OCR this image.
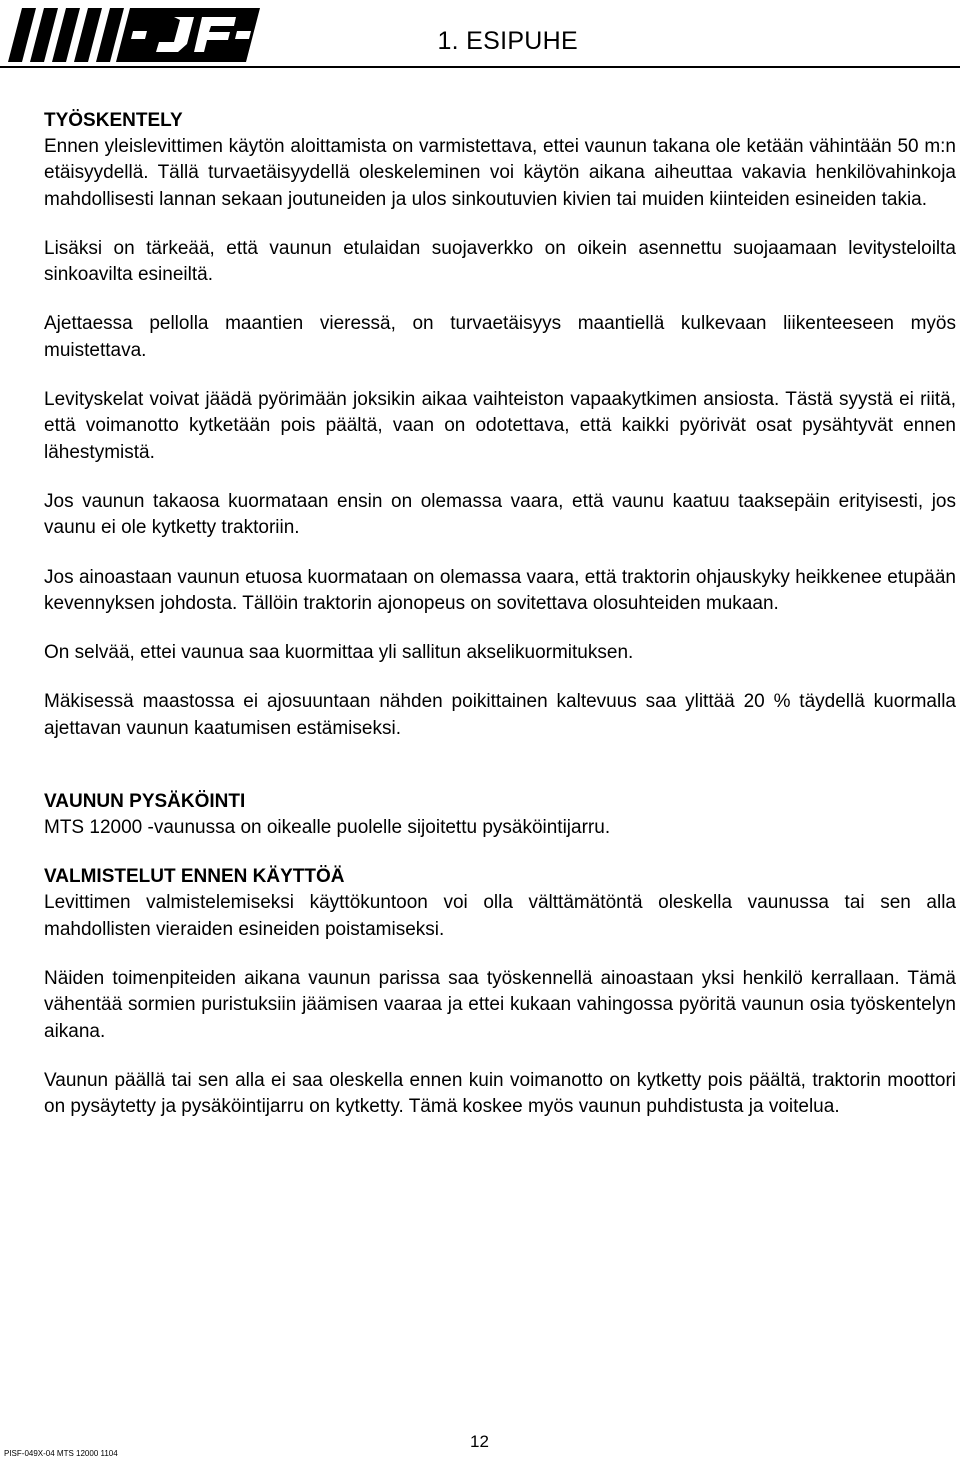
1. ESIPUHE
TYÖSKENTELY

Ennen yleislevittimen käytön aloittamista on varmistettava, ettei vaunun takana ole ketään vähintään 50 m:n etäisyydellä. Tällä turvaetäisyydellä oleskeleminen voi käytön aikana aiheuttaa vakavia henkilövahinkoja mahdollisesti lannan sekaan joutuneiden ja ulos sinkoutuvien kivien tai muiden kiinteiden esineiden takia.

Lisäksi on tärkeää, että vaunun etulaidan suojaverkko on oikein asennettu suojaamaan levitysteloilta sinkoavilta esineiltä.

Ajettaessa pellolla maantien vieressä, on turvaetäisyys maantiellä kulkevaan liikenteeseen myös muistettava.

Levityskelat voivat jäädä pyörimään joksikin aikaa vaihteiston vapaakytkimen ansiosta. Tästä syystä ei riitä, että voimanotto kytketään pois päältä, vaan on odotettava, että kaikki pyörivät osat pysähtyvät ennen lähestymistä.

Jos vaunun takaosa kuormataan ensin on olemassa vaara, että vaunu kaatuu taaksepäin erityisesti, jos vaunu ei ole kytketty traktoriin.

Jos ainoastaan vaunun etuosa kuormataan on olemassa vaara, että traktorin ohjauskyky heikkenee etupään kevennyksen johdosta. Tällöin traktorin ajonopeus on sovitettava olosuhteiden mukaan.

On selvää, ettei vaunua saa kuormittaa yli sallitun akselikuormituksen.

Mäkisessä maastossa ei ajosuuntaan nähden poikittainen kaltevuus saa ylittää 20 % täydellä kuormalla ajettavan vaunun kaatumisen estämiseksi.

VAUNUN PYSÄKÖINTI

MTS 12000 -vaunussa on oikealle puolelle sijoitettu pysäköintijarru.

VALMISTELUT ENNEN KÄYTTÖÄ

Levittimen valmistelemiseksi käyttökuntoon voi olla välttämätöntä oleskella vaunussa tai sen alla mahdollisten vieraiden esineiden poistamiseksi.

Näiden toimenpiteiden aikana vaunun parissa saa työskennellä ainoastaan yksi henkilö kerrallaan. Tämä vähentää sormien puristuksiin jäämisen vaaraa ja ettei kukaan vahingossa pyöritä vaunun osia työskentelyn aikana.

Vaunun päällä tai sen alla ei saa oleskella ennen kuin voimanotto on kytketty pois päältä, traktorin moottori on pysäytetty ja pysäköintijarru on kytketty. Tämä koskee myös vaunun puhdistusta ja voitelua.

12
PISF-049X-04 MTS 12000 1104
